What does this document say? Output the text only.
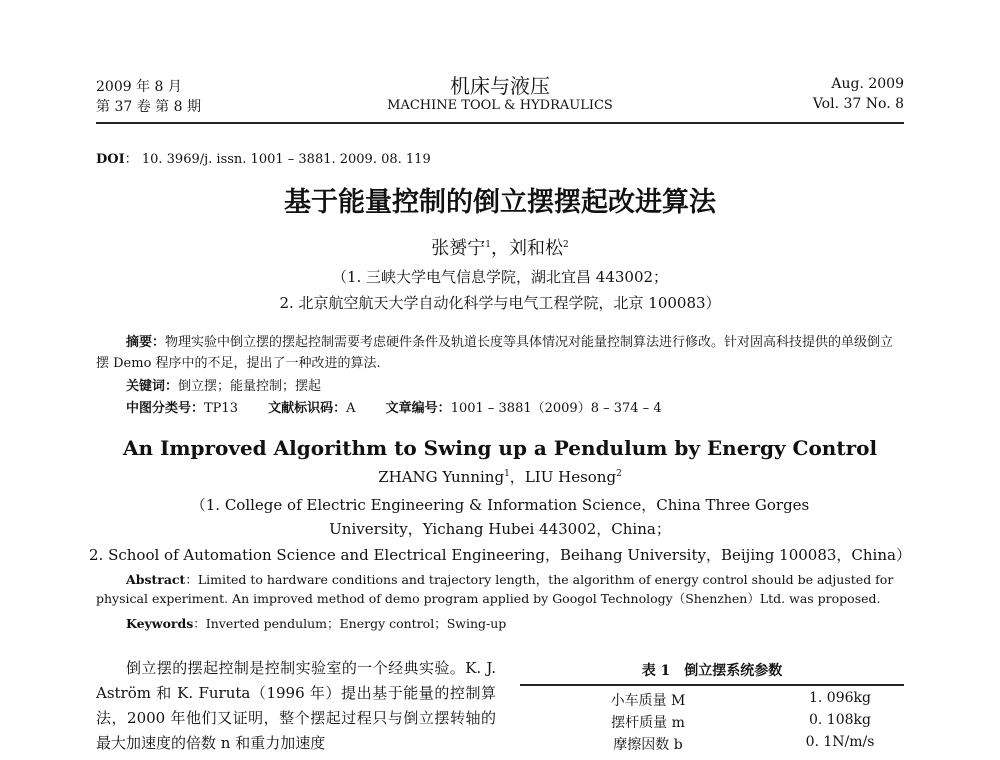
2009 年 8 月
第 37 卷 第 8 期
机床与液压
MACHINE TOOL & HYDRAULICS
Aug. 2009
Vol. 37 No. 8
DOI： 10. 3969/j. issn. 1001 – 3881. 2009. 08. 119
基于能量控制的倒立摆摆起改进算法
张赟宁$^1$，刘和松$^2$
（1. 三峡大学电气信息学院，湖北宜昌 443002；
2. 北京航空航天大学自动化科学与电气工程学院，北京 100083）
摘要：物理实验中倒立摆的摆起控制需要考虑硬件条件及轨道长度等具体情况对能量控制算法进行修改。针对固高科技提供的单级倒立摆 Demo 程序中的不足，提出了一种改进的算法.
关键词：倒立摆；能量控制；摆起
中图分类号：TP13 文献标识码：A 文章编号：1001 – 3881（2009）8 – 374 – 4
An Improved Algorithm to Swing up a Pendulum by Energy Control
ZHANG Yunning$^1$，LIU Hesong$^2$
（1. College of Electric Engineering & Information Science，China Three Gorges
University，Yichang Hubei 443002，China；
2. School of Automation Science and Electrical Engineering，Beihang University，Beijing 100083，China）
Abstract：Limited to hardware conditions and trajectory length，the algorithm of energy control should be adjusted for physical experiment. An improved method of demo program applied by Googol Technology（Shenzhen）Ltd. was proposed.
Keywords：Inverted pendulum；Energy control；Swing-up

倒立摆的摆起控制是控制实验室的一个经典实验。K. J. Aström 和 K. Furuta（1996 年）提出基于能量的控制算法，2000 年他们又证明，整个摆起过程只与倒立摆转轴的最大加速度的倍数 n 和重力加速度

表 1　倒立摆系统参数
小车质量 M	1. 096kg
摆杆质量 m	0. 108kg
摩擦因数 b	0. 1N/m/s
